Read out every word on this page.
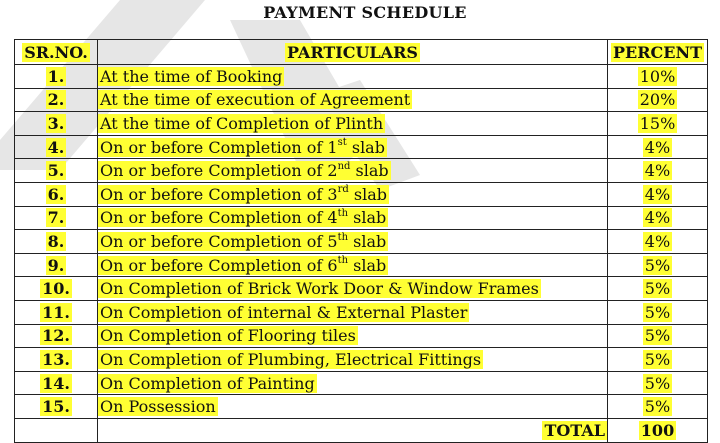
PAYMENT SCHEDULE
SR.NO.	PARTICULARS	PERCENT
1.	At the time of Booking	10%
2.	At the time of execution of Agreement	20%
3.	At the time of Completion of Plinth	15%
4.	On or before Completion of 1st slab	4%
5.	On or before Completion of 2nd slab	4%
6.	On or before Completion of 3rd slab	4%
7.	On or before Completion of 4th slab	4%
8.	On or before Completion of 5th slab	4%
9.	On or before Completion of 6th slab	5%
10.	On Completion of Brick Work Door & Window Frames	5%
11.	On Completion of internal & External Plaster	5%
12.	On Completion of Flooring tiles	5%
13.	On Completion of Plumbing, Electrical Fittings	5%
14.	On Completion of Painting	5%
15.	On Possession	5%
	TOTAL	100
